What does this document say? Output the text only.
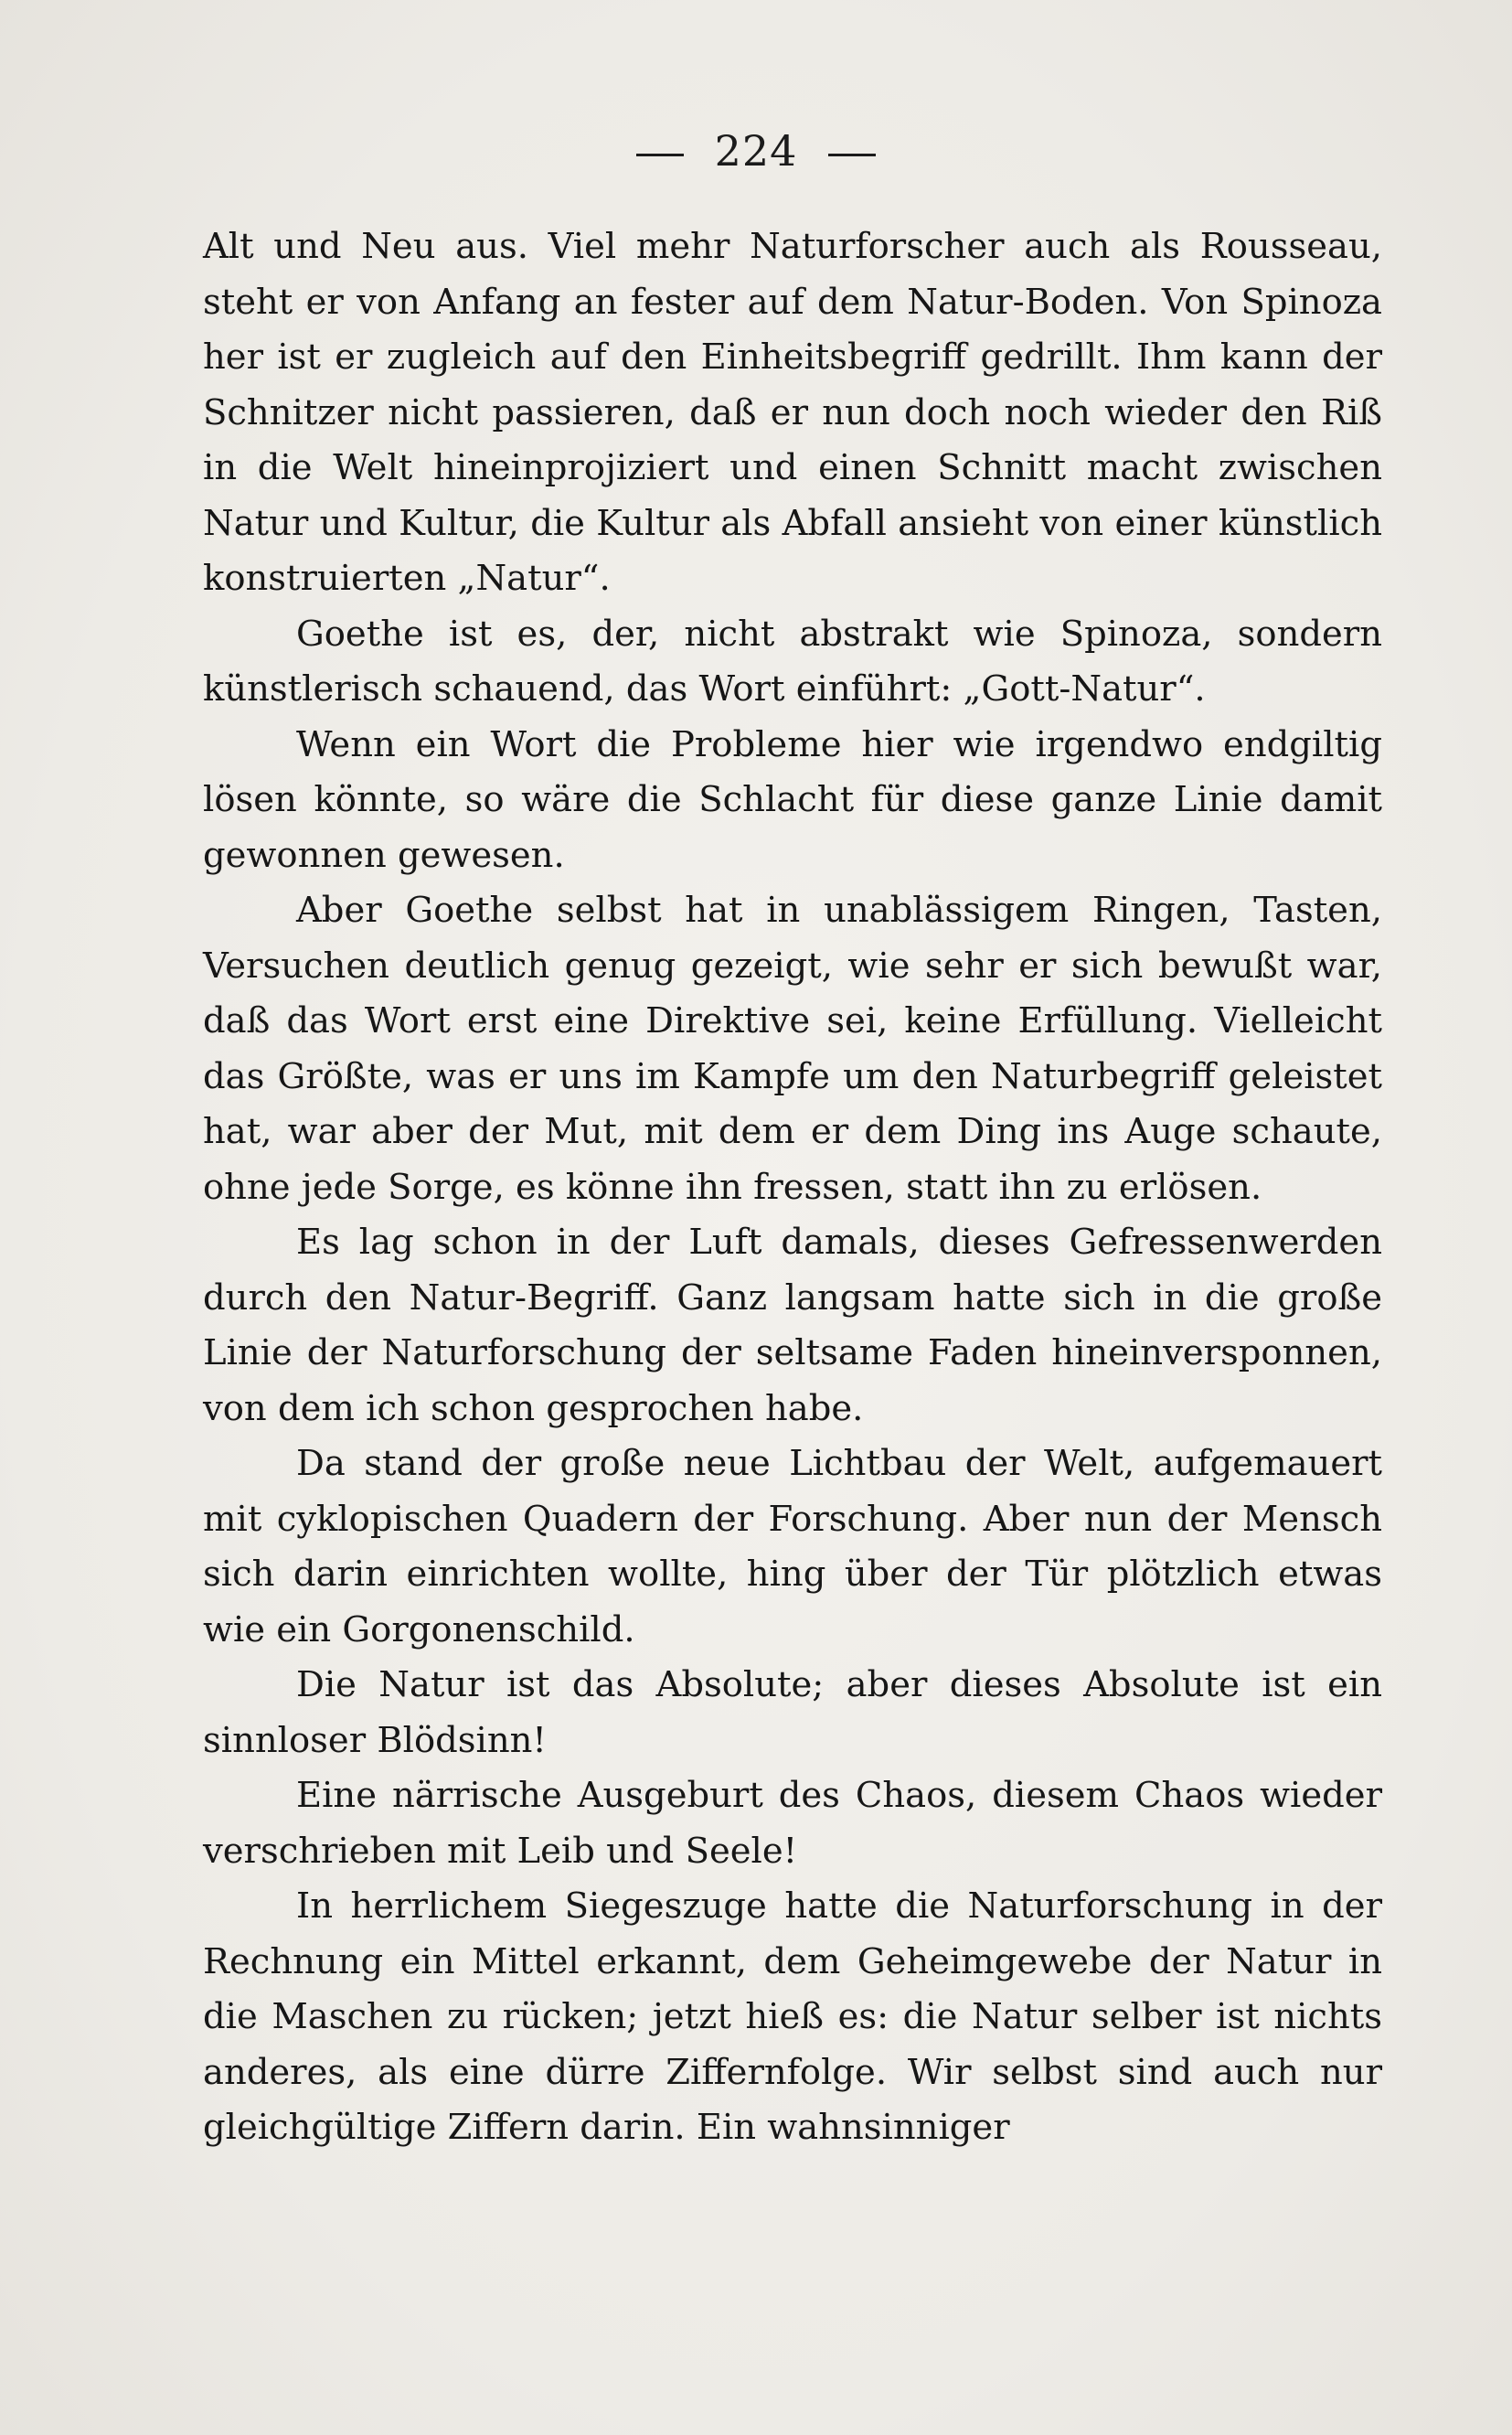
224

Alt und Neu aus. Viel mehr Naturforscher auch als Rousseau, steht er von Anfang an fester auf dem Natur-Boden. Von Spinoza her ist er zugleich auf den Einheitsbegriff gedrillt. Ihm kann der Schnitzer nicht passieren, daß er nun doch noch wieder den Riß in die Welt hineinprojiziert und einen Schnitt macht zwischen Natur und Kultur, die Kultur als Abfall ansieht von einer künstlich konstruierten „Natur“.

Goethe ist es, der, nicht abstrakt wie Spinoza, sondern künstlerisch schauend, das Wort einführt: „Gott-Natur“.

Wenn ein Wort die Probleme hier wie irgendwo endgiltig lösen könnte, so wäre die Schlacht für diese ganze Linie damit gewonnen gewesen.

Aber Goethe selbst hat in unablässigem Ringen, Tasten, Versuchen deutlich genug gezeigt, wie sehr er sich bewußt war, daß das Wort erst eine Direktive sei, keine Erfüllung. Vielleicht das Größte, was er uns im Kampfe um den Naturbegriff geleistet hat, war aber der Mut, mit dem er dem Ding ins Auge schaute, ohne jede Sorge, es könne ihn fressen, statt ihn zu erlösen.

Es lag schon in der Luft damals, dieses Gefressenwerden durch den Natur-Begriff. Ganz langsam hatte sich in die große Linie der Naturforschung der seltsame Faden hineinversponnen, von dem ich schon gesprochen habe.

Da stand der große neue Lichtbau der Welt, aufgemauert mit cyklopischen Quadern der Forschung. Aber nun der Mensch sich darin einrichten wollte, hing über der Tür plötzlich etwas wie ein Gorgonenschild.

Die Natur ist das Absolute; aber dieses Absolute ist ein sinnloser Blödsinn!

Eine närrische Ausgeburt des Chaos, diesem Chaos wieder verschrieben mit Leib und Seele!

In herrlichem Siegeszuge hatte die Naturforschung in der Rechnung ein Mittel erkannt, dem Geheimgewebe der Natur in die Maschen zu rücken; jetzt hieß es: die Natur selber ist nichts anderes, als eine dürre Ziffernfolge. Wir selbst sind auch nur gleichgültige Ziffern darin. Ein wahnsinniger
